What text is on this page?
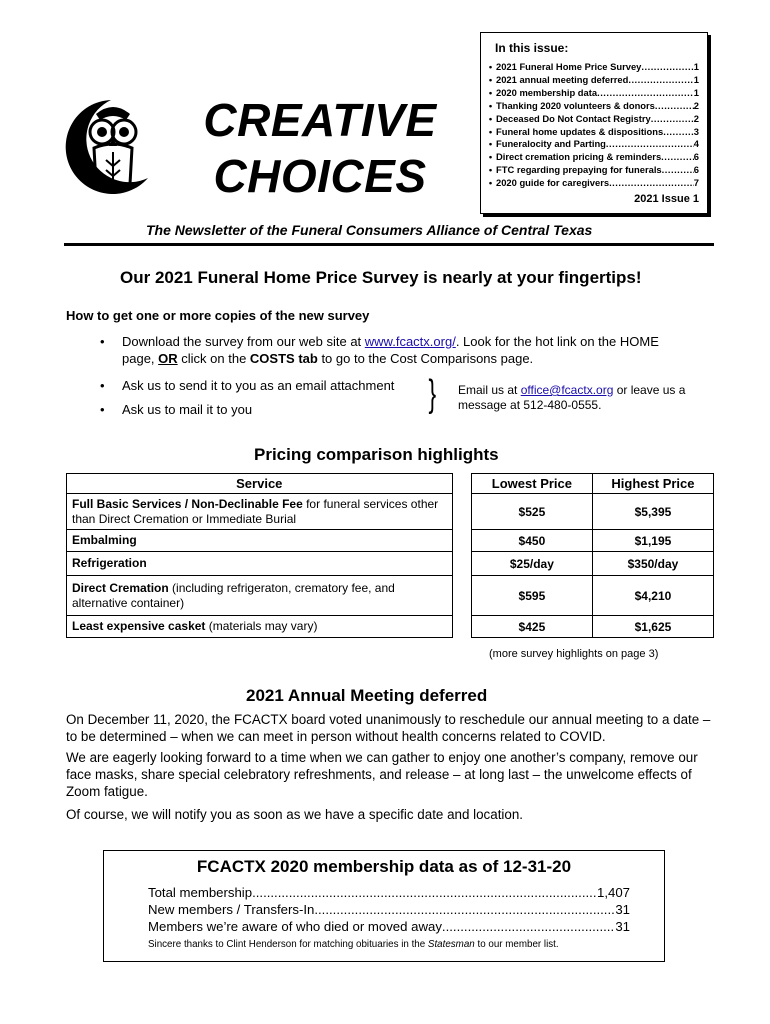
CREATIVE
CHOICES
In this issue:
• 2021 Funeral Home Price Survey .....	1
• 2021 annual meeting deferred .....	1
• 2020 membership data .....	1
• Thanking 2020 volunteers & donors .....	2
• Deceased Do Not Contact Registry .....	2
• Funeral home updates & dispositions .....	3
• Funeralocity and Parting .....	4
• Direct cremation pricing & reminders .....	6
• FTC regarding prepaying for funerals .....	6
• 2020 guide for caregivers .....	7
2021 Issue 1
The Newsletter of the Funeral Consumers Alliance of Central Texas
Our 2021 Funeral Home Price Survey is nearly at your fingertips!
How to get one or more copies of the new survey
• Download the survey from our web site at www.fcactx.org/. Look for the hot link on the HOME page, OR click on the COSTS tab to go to the Cost Comparisons page.
• Ask us to send it to you as an email attachment
• Ask us to mail it to you	} Email us at office@fcactx.org or leave us a message at 512-480-0555.
Pricing comparison highlights
Service		Lowest Price	Highest Price
Full Basic Services / Non-Declinable Fee for funeral services other than Direct Cremation or Immediate Burial		$525	$5,395
Embalming		$450	$1,195
Refrigeration		$25/day	$350/day
Direct Cremation (including refrigeraton, crematory fee, and alternative container)		$595	$4,210
Least expensive casket (materials may vary)		$425	$1,625
(more survey highlights on page 3)
2021 Annual Meeting deferred
On December 11, 2020, the FCACTX board voted unanimously to reschedule our annual meeting to a date – to be determined – when we can meet in person without health concerns related to COVID.
We are eagerly looking forward to a time when we can gather to enjoy one another’s company, remove our face masks, share special celebratory refreshments, and release – at long last – the unwelcome effects of Zoom fatigue.
Of course, we will notify you as soon as we have a specific date and location.
FCACTX 2020 membership data as of 12-31-20
Total membership .....	1,407
New members / Transfers-In .....	31
Members we’re aware of who died or moved away .....	31
Sincere thanks to Clint Henderson for matching obituaries in the Statesman to our member list.
